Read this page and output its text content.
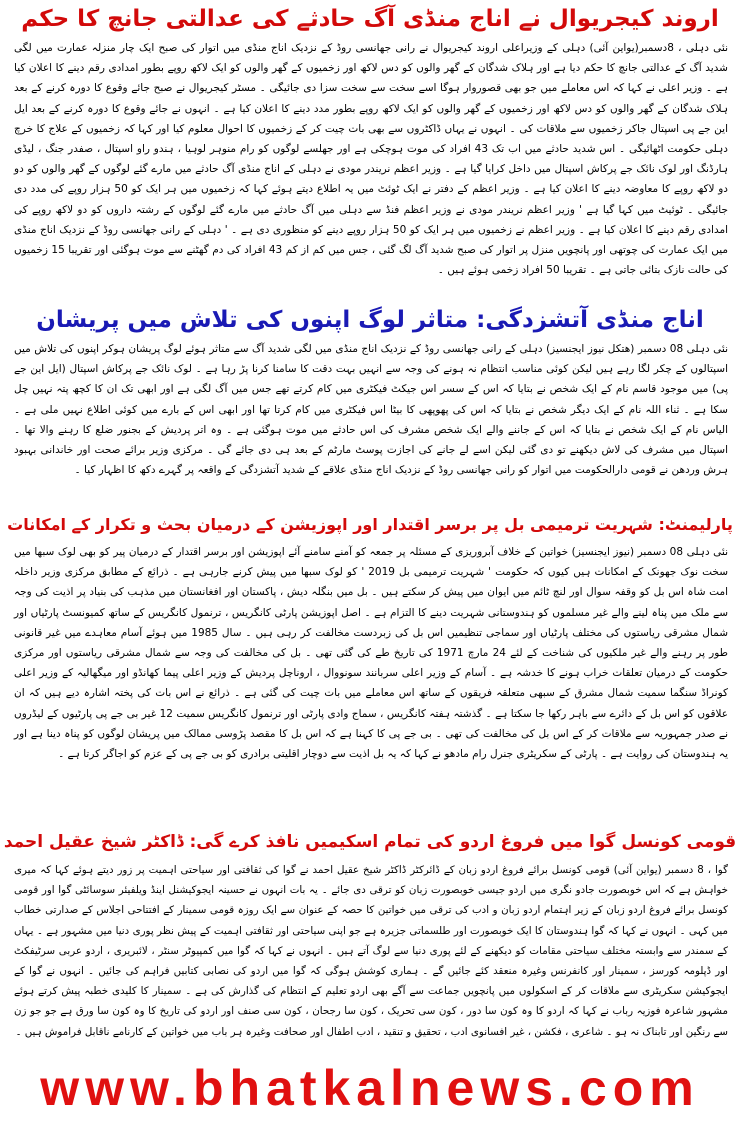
اروند کیجریوال نے اناج منڈی آگ حادثے کی عدالتی جانچ کا حکم

نئی دہلی ، 8دسمبر(یواین آئی) دہلی کے وزیراعلی اروند کیجریوال نے رانی جھانسی روڈ کے نزدیک اناج منڈی میں اتوار کی صبح ایک چار منزلہ عمارت میں لگی شدید آگ کے عدالتی جانچ کا حکم دیا ہے اور ہلاک شدگان کے گھر والوں کو دس لاکھ اور زخمیوں کے گھر والوں کو ایک لاکھ روپے بطور امدادی رقم دینے کا اعلان کیا ہے ۔ وزیر اعلی نے کہا کہ اس معاملے میں جو بھی قصوروار ہوگا اسے سخت سے سخت سزا دی جائیگی ۔ مسٹر کیجریوال نے صبح جائے وقوع کا دورہ کرنے کے بعد ہلاک شدگان کے گھر والوں کو دس لاکھ اور زخمیوں کے گھر والوں کو ایک لاکھ روپے بطور مدد دینے کا اعلان کیا ہے ۔ انہوں نے جائے وقوع کا دورہ کرنے کے بعد ایل این جے پی اسپتال جاکر زخمیوں سے ملاقات کی ۔ انہوں نے یہاں ڈاکٹروں سے بھی بات چیت کر کے زخمیوں کا احوال معلوم کیا اور کہا کہ زخمیوں کے علاج کا خرچ دہلی حکومت اٹھائیگی ۔ اس شدید حادثے میں اب تک 43 افراد کی موت ہوچکی ہے اور جھلسے لوگوں کو رام منوہر لوہیا ، ہندو راو اسپتال ، صفدر جنگ ، لیڈی ہارڈنگ اور لوک نائک جے پرکاش اسپتال میں داخل کرایا گیا ہے ۔ وزیر اعظم نریندر مودی نے دہلی کے اناج منڈی آگ حادثے میں مارے گئے لوگوں کے گھر والوں کو دو دو لاکھ روپے کا معاوضہ دینے کا اعلان کیا ہے ۔ وزیر اعظم کے دفتر نے ایک ٹوئٹ میں یہ اطلاع دیتے ہوئے کہا کہ زخمیوں میں ہر ایک کو 50 ہزار روپے کی مدد دی جائیگی ۔ ٹوئیٹ میں کہا گیا ہے ' وزیر اعظم نریندر مودی نے وزیر اعظم فنڈ سے دہلی میں آگ حادثے میں مارے گئے لوگوں کے رشتہ داروں کو دو لاکھ روپے کی امدادی رقم دینے کا اعلان کیا ہے ۔ وزیر اعظم نے زخمیوں میں ہر ایک کو 50 ہزار روپے دینے کو منظوری دی ہے ۔ ' دہلی کے رانی جھانسی روڈ کے نزدیک اناج منڈی میں ایک عمارت کی چوتھی اور پانچویں منزل پر اتوار کی صبح شدید آگ لگ گئی ، جس میں کم از کم 43 افراد کی دم گھٹنے سے موت ہوگئی اور تقریبا 15 زخمیوں کی حالت نازک بتائی جاتی ہے ۔ تقریبا 50 افراد زخمی ہوئے ہیں ۔

اناج منڈی آتشزدگی: متاثر لوگ اپنوں کی تلاش میں پریشان

نئی دہلی 08 دسمبر (ھتکل نیوز ایجنسیز) دہلی کے رانی جھانسی روڈ کے نزدیک اناج منڈی میں لگی شدید آگ سے متاثر ہوئے لوگ پریشان ہوکر اپنوں کی تلاش میں اسپتالوں کے چکر لگا رہے ہیں لیکن کوئی مناسب انتظام نہ ہونے کی وجہ سے انہیں بہت دقت کا سامنا کرنا پڑ رہا ہے ۔ لوک نائک جے پرکاش اسپتال (ایل این جے پی) میں موجود قاسم نام کے ایک شخص نے بتایا کہ اس کے سسر اس جیکٹ فیکٹری میں کام کرتے تھے جس میں آگ لگی ہے اور ابھی تک ان کا کچھ پتہ نہیں چل سکا ہے ۔ ثناء اللہ نام کے ایک دیگر شخص نے بتایا کہ اس کی پھوپھی کا بیٹا اس فیکٹری میں کام کرتا تھا اور ابھی اس کے بارے میں کوئی اطلاع نہیں ملی ہے ۔ الیاس نام کے ایک شخص نے بتایا کہ اس کے جاننے والے ایک شخص مشرف کی اس حادثے میں موت ہوگئی ہے ۔ وہ اتر پردیش کے بجنور ضلع کا رہنے والا تھا ۔ اسپتال میں مشرف کی لاش دیکھنے تو دی گئی لیکن اسے لے جانے کی اجازت پوسٹ مارٹم کے بعد ہی دی جائے گی ۔ مرکزی وزیر برائے صحت اور خاندانی بہبود ہرش وردھن نے قومی دارالحکومت میں اتوار کو رانی جھانسی روڈ کے نزدیک اناج منڈی علاقے کے شدید آتشزدگی کے واقعہ پر گہرے دکھ کا اظہار کیا ۔

پارلیمنٹ: شہریت ترمیمی بل پر برسر اقتدار اور اپوزیشن کے درمیان بحث و تکرار کے امکانات

نئی دہلی 08 دسمبر (نیوز ایجنسیز) خواتین کے خلاف آبروریزی کے مسئلہ پر جمعہ کو آمنے سامنے آئے اپوزیشن اور برسر اقتدار کے درمیان پیر کو بھی لوک سبھا میں سخت نوک جھونک کے امکانات ہیں کیوں کہ حکومت ' شہریت ترمیمی بل 2019 ' کو لوک سبھا میں پیش کرنے جارہی ہے ۔ ذرائع کے مطابق مرکزی وزیر داخلہ امت شاہ اس بل کو وقفہ سوال اور لنچ ٹائم میں ایوان میں پیش کر سکتے ہیں ۔ بل میں بنگلہ دیش ، پاکستان اور افغانستان میں مذہب کی بنیاد پر اذیت کی وجہ سے ملک میں پناہ لینے والے غیر مسلموں کو ہندوستانی شہریت دینے کا التزام ہے ۔ اصل اپوزیشن پارٹی کانگریس ، ترنمول کانگریس کے ساتھ کمیونسٹ پارٹیاں اور شمال مشرقی ریاستوں کی مختلف پارٹیاں اور سماجی تنظیمیں اس بل کی زبردست مخالفت کر رہی ہیں ۔ سال 1985 میں ہوئے آسام معاہدے میں غیر قانونی طور پر رہنے والے غیر ملکیوں کی شناخت کے لئے 24 مارچ 1971 کی تاریخ طے کی گئی تھی ۔ بل کی مخالفت کی وجہ سے شمال مشرقی ریاستوں اور مرکزی حکومت کے درمیان تعلقات خراب ہونے کا خدشہ ہے ۔ آسام کے وزیر اعلی سربانند سونووال ، اروناچل پردیش کے وزیر اعلی پیما کھانڈو اور میگھالیہ کے وزیر اعلی کونراڈ سنگما سمیت شمال مشرق کے سبھی متعلقہ فریقوں کے ساتھ اس معاملے میں بات چیت کی گئی ہے ۔ ذرائع نے اس بات کی پختہ اشارہ دیے ہیں کہ ان علاقوں کو اس بل کے دائرے سے باہر رکھا جا سکتا ہے ۔ گذشتہ ہفتہ کانگریس ، سماج وادی پارٹی اور ترنمول کانگریس سمیت 12 غیر بی جے پی پارٹیوں کے لیڈروں نے صدر جمہوریہ سے ملاقات کر کے اس بل کی مخالفت کی تھی ۔ بی جے پی کا کہنا ہے کہ اس بل کا مقصد پڑوسی ممالک میں پریشان لوگوں کو پناہ دینا ہے اور یہ ہندوستان کی روایت ہے ۔ پارٹی کے سکریٹری جنرل رام مادھو نے کہا کہ یہ بل اذیت سے دوچار اقلیتی برادری کو بی جے پی کے عزم کو اجاگر کرتا ہے ۔

قومی کونسل گوا میں فروغ اردو کی تمام اسکیمیں نافذ کرے گی: ڈاکٹر شیخ عقیل احمد

گوا ، 8 دسمبر (یواین آئی) قومی کونسل برائے فروغ اردو زبان کے ڈائرکٹر ڈاکٹر شیخ عقیل احمد نے گوا کی ثقافتی اور سیاحتی اہمیت پر زور دیتے ہوئے کہا کہ میری خواہش ہے کہ اس خوبصورت جادو نگری میں اردو جیسی خوبصورت زبان کو ترقی دی جائے ۔ یہ بات انہوں نے حسینہ ایجوکیشنل اینڈ ویلفیئر سوسائٹی گوا اور قومی کونسل برائے فروغ اردو زبان کے زیر اہتمام اردو زبان و ادب کی ترقی میں خواتین کا حصہ کے عنوان سے ایک روزہ قومی سمینار کے افتتاحی اجلاس کے صدارتی خطاب میں کہی ۔ انہوں نے کہا کہ گوا ہندوستان کا ایک خوبصورت اور طلسماتی جزیرہ ہے جو اپنی سیاحتی اور ثقافتی اہمیت کے پیش نظر پوری دنیا میں مشہور ہے ۔ یہاں کے سمندر سے وابستہ مختلف سیاحتی مقامات کو دیکھنے کے لئے پوری دنیا سے لوگ آتے ہیں ۔ انہوں نے کہا کہ گوا میں کمپیوٹر سنٹر ، لائبریری ، اردو عربی سرٹیفکٹ اور ڈپلومہ کورسز ، سمینار اور کانفرنس وغیرہ منعقد کئے جائیں گے ۔ ہماری کوشش ہوگی کہ گوا میں اردو کی نصابی کتابیں فراہم کی جائیں ۔ انہوں نے گوا کے ایجوکیشن سکریٹری سے ملاقات کر کے اسکولوں میں پانچویں جماعت سے آگے بھی اردو تعلیم کے انتظام کی گذارش کی ہے ۔ سمینار کا کلیدی خطبہ پیش کرتے ہوئے مشہور شاعرہ فوزیہ رباب نے کہا کہ اردو کا وہ کون سا دور ، کون سی تحریک ، کون سا رجحان ، کون سی صنف اور اردو کی تاریخ کا وہ کون سا ورق ہے جو جو زن سے رنگین اور تابناک نہ ہو ۔ شاعری ، فکشن ، غیر افسانوی ادب ، تحقیق و تنقید ، ادب اطفال اور صحافت وغیرہ ہر باب میں خواتین کے کارنامے ناقابل فراموش ہیں ۔

www.bhatkalnews.com
